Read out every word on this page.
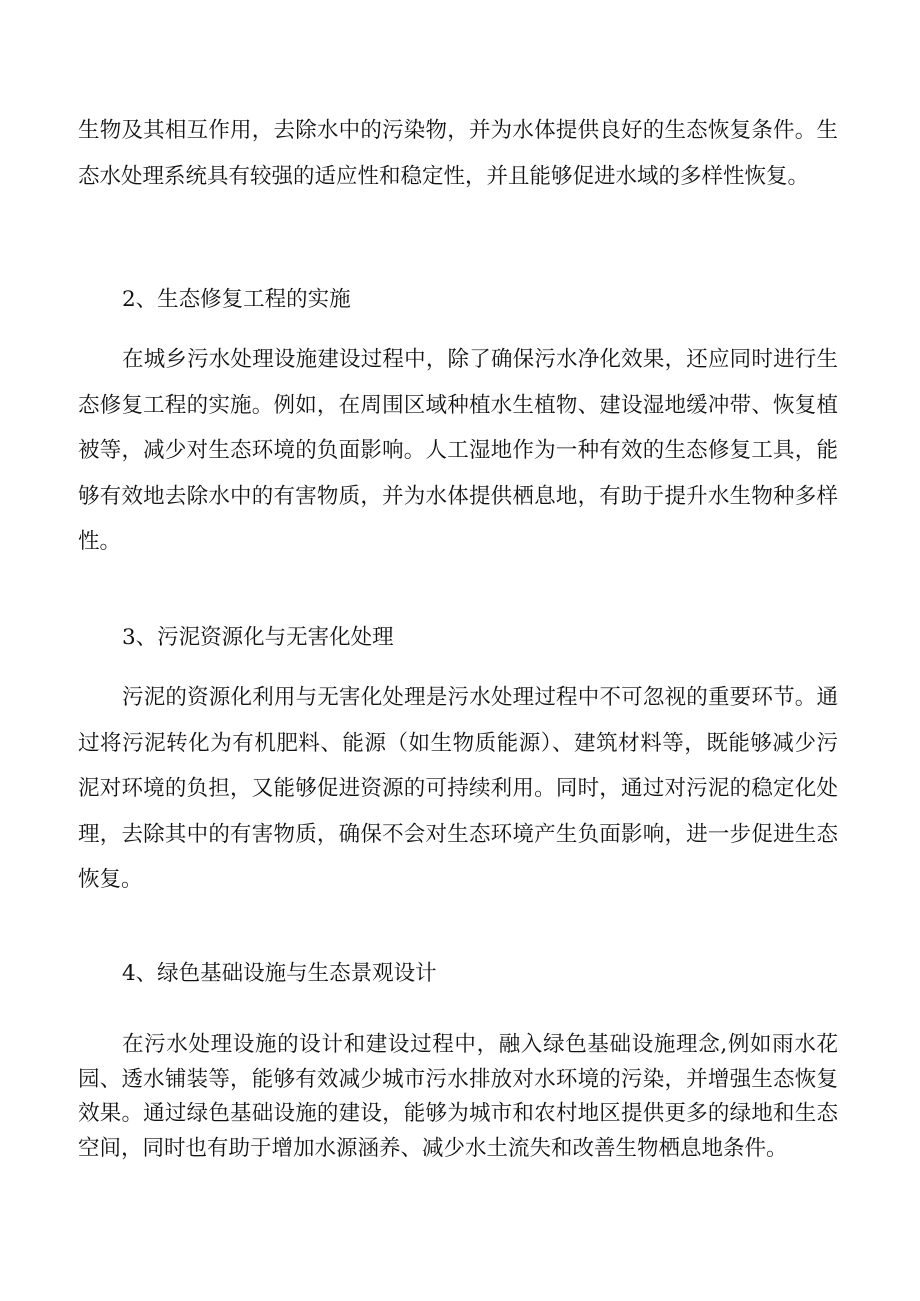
生物及其相互作用，去除水中的污染物，并为水体提供良好的生态恢复条件。生态水处理系统具有较强的适应性和稳定性，并且能够促进水域的多样性恢复。

2、生态修复工程的实施

在城乡污水处理设施建设过程中，除了确保污水净化效果，还应同时进行生态修复工程的实施。例如，在周围区域种植水生植物、建设湿地缓冲带、恢复植被等，减少对生态环境的负面影响。人工湿地作为一种有效的生态修复工具，能够有效地去除水中的有害物质，并为水体提供栖息地，有助于提升水生物种多样性。

3、污泥资源化与无害化处理

污泥的资源化利用与无害化处理是污水处理过程中不可忽视的重要环节。通过将污泥转化为有机肥料、能源（如生物质能源）、建筑材料等，既能够减少污泥对环境的负担，又能够促进资源的可持续利用。同时，通过对污泥的稳定化处理，去除其中的有害物质，确保不会对生态环境产生负面影响，进一步促进生态恢复。

4、绿色基础设施与生态景观设计

在污水处理设施的设计和建设过程中，融入绿色基础设施理念,例如雨水花园、透水铺装等，能够有效减少城市污水排放对水环境的污染，并增强生态恢复效果。通过绿色基础设施的建设，能够为城市和农村地区提供更多的绿地和生态空间，同时也有助于增加水源涵养、减少水土流失和改善生物栖息地条件。
